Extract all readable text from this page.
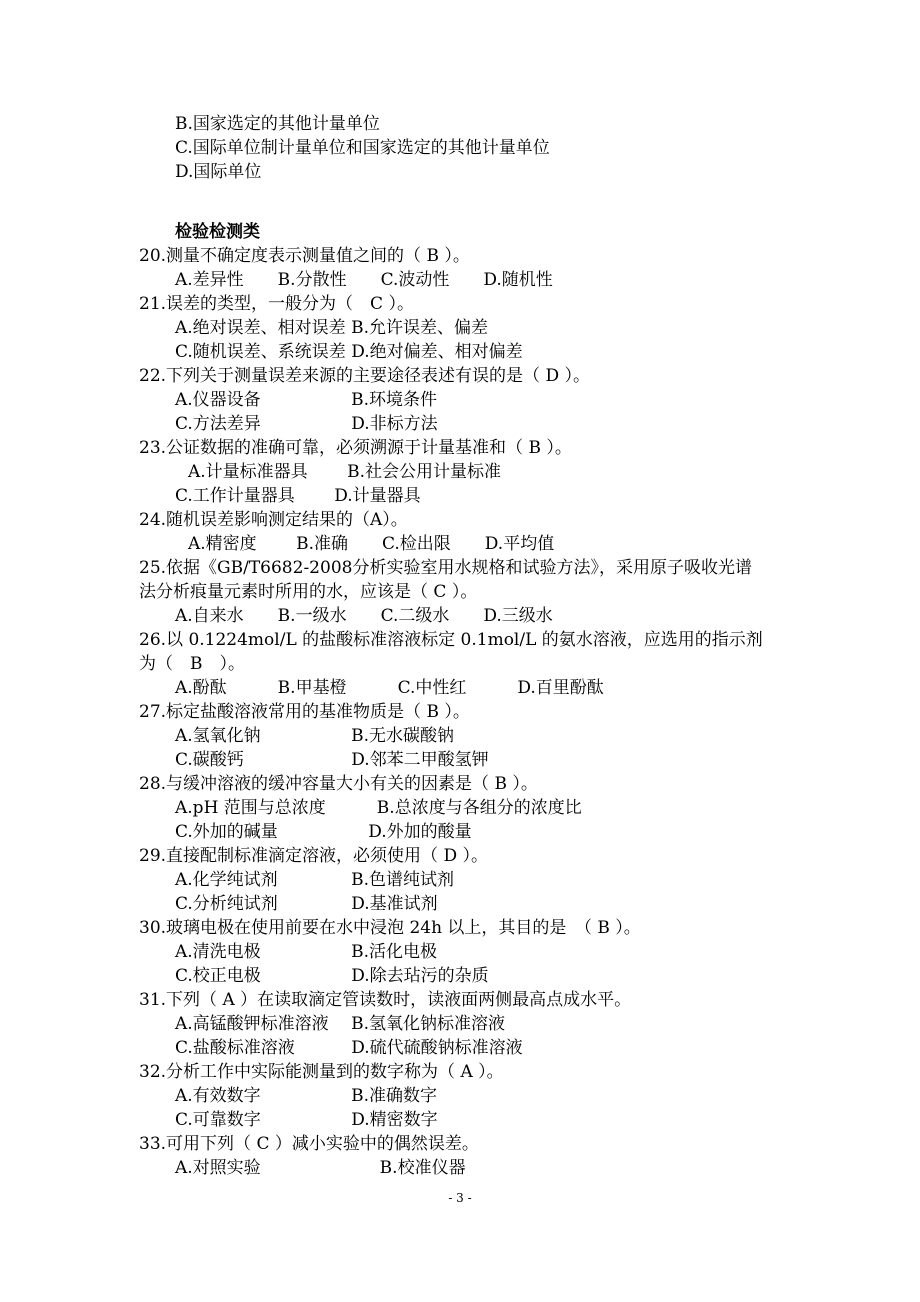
B.国家选定的其他计量单位
C.国际单位制计量单位和国家选定的其他计量单位
D.国际单位
检验检测类
20.测量不确定度表示测量值之间的（ B ）。
A.差异性　　B.分散性　　C.波动性　　D.随机性
21.误差的类型，一般分为（　C ）。
A.绝对误差、相对误差 B.允许误差、偏差
C.随机误差、系统误差 D.绝对偏差、相对偏差
22.下列关于测量误差来源的主要途径表述有误的是（ D ）。
A.仪器设备　　　　　 B.环境条件
C.方法差异　　　　　 D.非标方法
23.公证数据的准确可靠，必须溯源于计量基准和（ B ）。
A.计量标准器具　　 B.社会公用计量标准
C.工作计量器具　　 D.计量器具
24.随机误差影响测定结果的（A）。
A.精密度　　 B.准确　　C.检出限　　D.平均值
25.依据《GB/T6682-2008分析实验室用水规格和试验方法》，采用原子吸收光谱
法分析痕量元素时所用的水，应该是（ C ）。
A.自来水　　B.一级水　　C.二级水　　D.三级水
26.以 0.1224mol/L 的盐酸标准溶液标定 0.1mol/L 的氨水溶液，应选用的指示剂
为（　B　）。
A.酚酞　　　B.甲基橙　　　C.中性红　　　D.百里酚酞
27.标定盐酸溶液常用的基准物质是（ B ）。
A.氢氧化钠　　　　　 B.无水碳酸钠
C.碳酸钙　　　　　　 D.邻苯二甲酸氢钾
28.与缓冲溶液的缓冲容量大小有关的因素是（ B ）。
A.pH 范围与总浓度　　　B.总浓度与各组分的浓度比
C.外加的碱量　　　　　 D.外加的酸量
29.直接配制标准滴定溶液，必须使用（ D ）。
A.化学纯试剂　　　　 B.色谱纯试剂
C.分析纯试剂　　　　 D.基准试剂
30.玻璃电极在使用前要在水中浸泡 24h 以上，其目的是　（ B ）。
A.清洗电极　　　　　 B.活化电极
C.校正电极　　　　　 D.除去玷污的杂质
31.下列（ A ）在读取滴定管读数时，读液面两侧最高点成水平。
A.高锰酸钾标准溶液　 B.氢氧化钠标准溶液
C.盐酸标准溶液　　　 D.硫代硫酸钠标准溶液
32.分析工作中实际能测量到的数字称为（ A ）。
A.有效数字　　　　　 B.准确数字
C.可靠数字　　　　　 D.精密数字
33.可用下列（ C ）减小实验中的偶然误差。
A.对照实验　　　　　　　B.校准仪器
- 3 -
